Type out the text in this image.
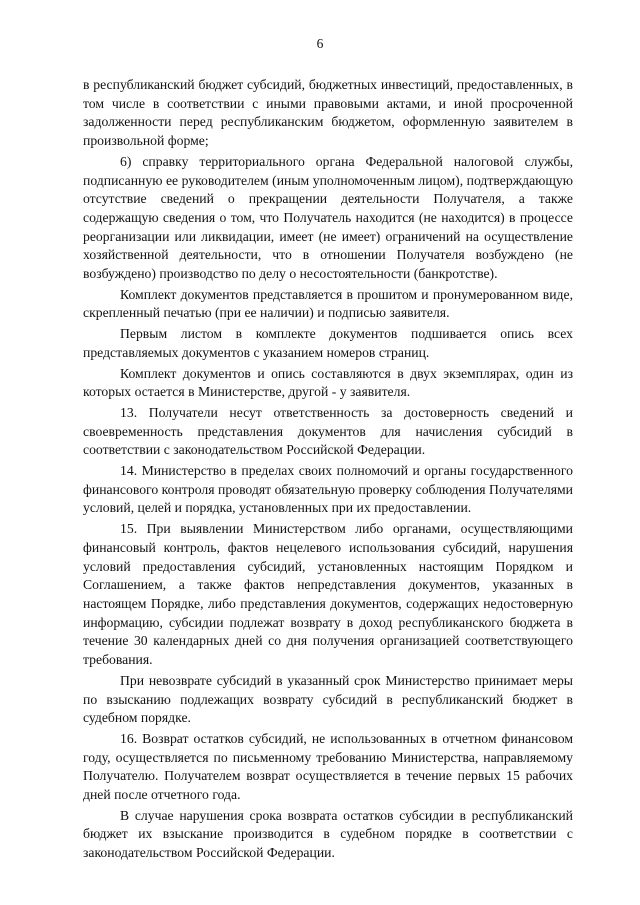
6

в республиканский бюджет субсидий, бюджетных инвестиций, предоставленных, в том числе в соответствии с иными правовыми актами, и иной просроченной задолженности перед республиканским бюджетом, оформленную заявителем в произвольной форме;

6) справку территориального органа Федеральной налоговой службы, подписанную ее руководителем (иным уполномоченным лицом), подтверждающую отсутствие сведений о прекращении деятельности Получателя, а также содержащую сведения о том, что Получатель находится (не находится) в процессе реорганизации или ликвидации, имеет (не имеет) ограничений на осуществление хозяйственной деятельности, что в отношении Получателя возбуждено (не возбуждено) производство по делу о несостоятельности (банкротстве).

Комплект документов представляется в прошитом и пронумерованном виде, скрепленный печатью (при ее наличии) и подписью заявителя.

Первым листом в комплекте документов подшивается опись всех представляемых документов с указанием номеров страниц.

Комплект документов и опись составляются в двух экземплярах, один из которых остается в Министерстве, другой - у заявителя.

13. Получатели несут ответственность за достоверность сведений и своевременность представления документов для начисления субсидий в соответствии с законодательством Российской Федерации.

14. Министерство в пределах своих полномочий и органы государственного финансового контроля проводят обязательную проверку соблюдения Получателями условий, целей и порядка, установленных при их предоставлении.

15. При выявлении Министерством либо органами, осуществляющими финансовый контроль, фактов нецелевого использования субсидий, нарушения условий предоставления субсидий, установленных настоящим Порядком и Соглашением, а также фактов непредставления документов, указанных в настоящем Порядке, либо представления документов, содержащих недостоверную информацию, субсидии подлежат возврату в доход республиканского бюджета в течение 30 календарных дней со дня получения организацией соответствующего требования.

При невозврате субсидий в указанный срок Министерство принимает меры по взысканию подлежащих возврату субсидий в республиканский бюджет в судебном порядке.

16. Возврат остатков субсидий, не использованных в отчетном финансовом году, осуществляется по письменному требованию Министерства, направляемому Получателю. Получателем возврат осуществляется в течение первых 15 рабочих дней после отчетного года.

В случае нарушения срока возврата остатков субсидии в республиканский бюджет их взыскание производится в судебном порядке в соответствии с законодательством Российской Федерации.
